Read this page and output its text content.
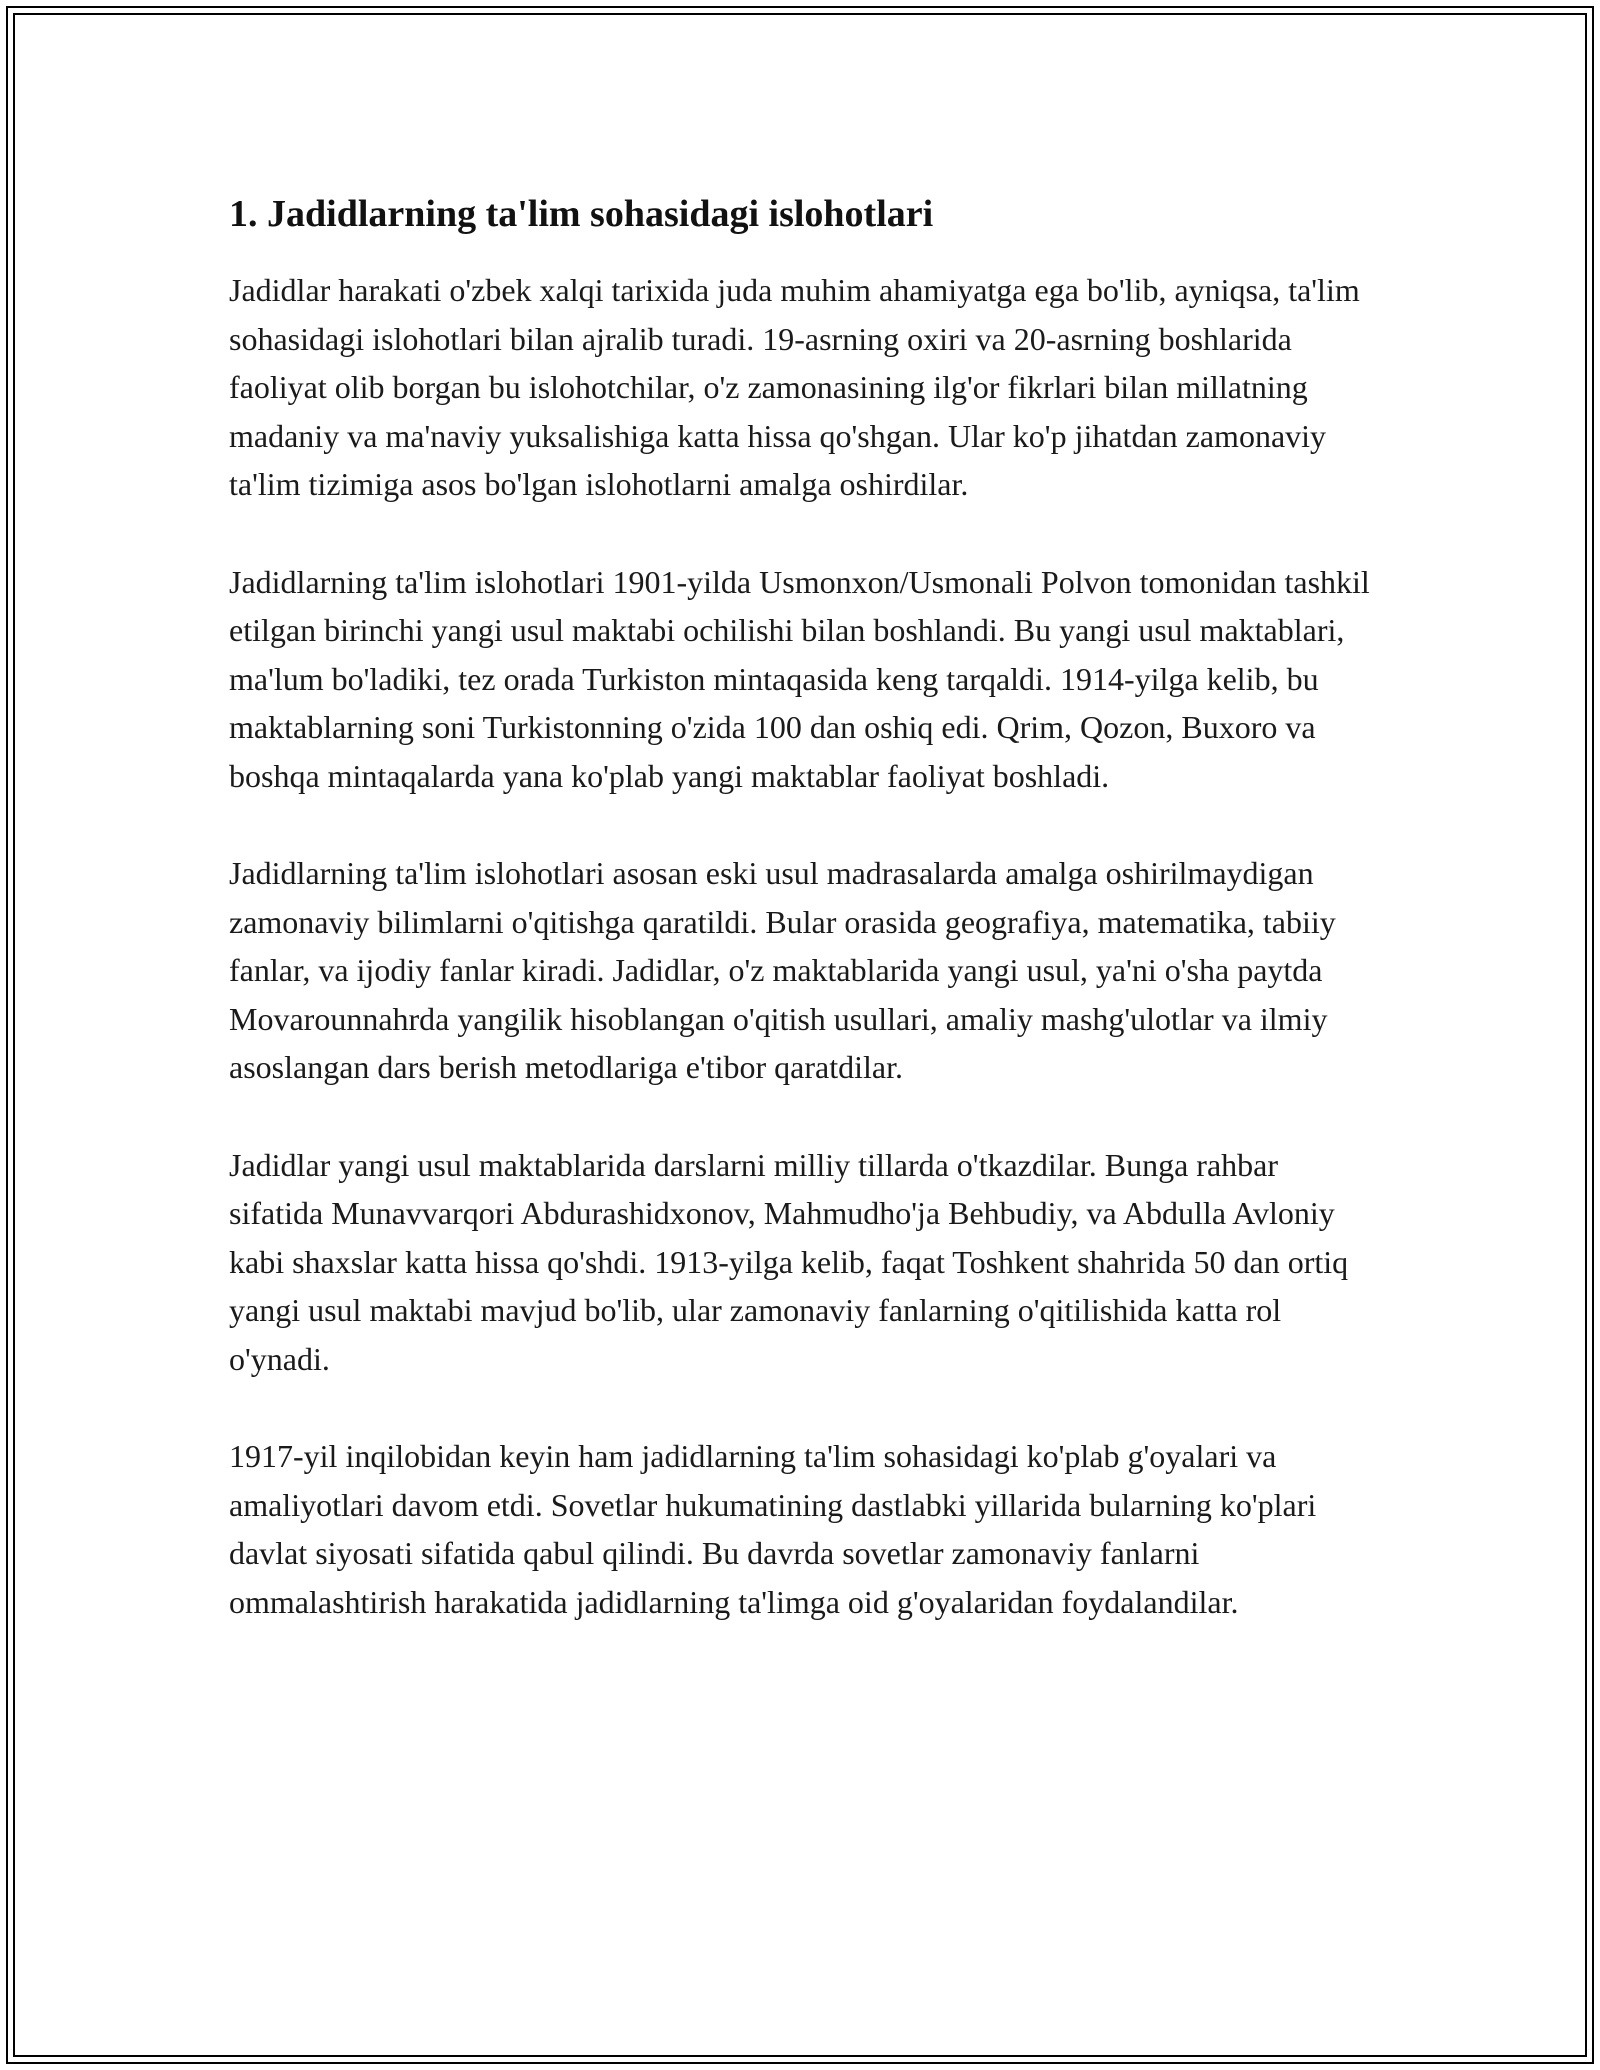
1. Jadidlarning ta'lim sohasidagi islohotlari

Jadidlar harakati o'zbek xalqi tarixida juda muhim ahamiyatga ega bo'lib, ayniqsa, ta'lim sohasidagi islohotlari bilan ajralib turadi. 19-asrning oxiri va 20-asrning boshlarida faoliyat olib borgan bu islohotchilar, o'z zamonasining ilg'or fikrlari bilan millatning madaniy va ma'naviy yuksalishiga katta hissa qo'shgan. Ular ko'p jihatdan zamonaviy ta'lim tizimiga asos bo'lgan islohotlarni amalga oshirdilar.

Jadidlarning ta'lim islohotlari 1901-yilda Usmonxon/Usmonali Polvon tomonidan tashkil etilgan birinchi yangi usul maktabi ochilishi bilan boshlandi. Bu yangi usul maktablari, ma'lum bo'ladiki, tez orada Turkiston mintaqasida keng tarqaldi. 1914-yilga kelib, bu maktablarning soni Turkistonning o'zida 100 dan oshiq edi. Qrim, Qozon, Buxoro va boshqa mintaqalarda yana ko'plab yangi maktablar faoliyat boshladi.

Jadidlarning ta'lim islohotlari asosan eski usul madrasalarda amalga oshirilmaydigan zamonaviy bilimlarni o'qitishga qaratildi. Bular orasida geografiya, matematika, tabiiy fanlar, va ijodiy fanlar kiradi. Jadidlar, o'z maktablarida yangi usul, ya'ni o'sha paytda Movarounnahrda yangilik hisoblangan o'qitish usullari, amaliy mashg'ulotlar va ilmiy asoslangan dars berish metodlariga e'tibor qaratdilar.

Jadidlar yangi usul maktablarida darslarni milliy tillarda o'tkazdilar. Bunga rahbar sifatida Munavvarqori Abdurashidxonov, Mahmudho'ja Behbudiy, va Abdulla Avloniy kabi shaxslar katta hissa qo'shdi. 1913-yilga kelib, faqat Toshkent shahrida 50 dan ortiq yangi usul maktabi mavjud bo'lib, ular zamonaviy fanlarning o'qitilishida katta rol o'ynadi.

1917-yil inqilobidan keyin ham jadidlarning ta'lim sohasidagi ko'plab g'oyalari va amaliyotlari davom etdi. Sovetlar hukumatining dastlabki yillarida bularning ko'plari davlat siyosati sifatida qabul qilindi. Bu davrda sovetlar zamonaviy fanlarni ommalashtirish harakatida jadidlarning ta'limga oid g'oyalaridan foydalandilar.
